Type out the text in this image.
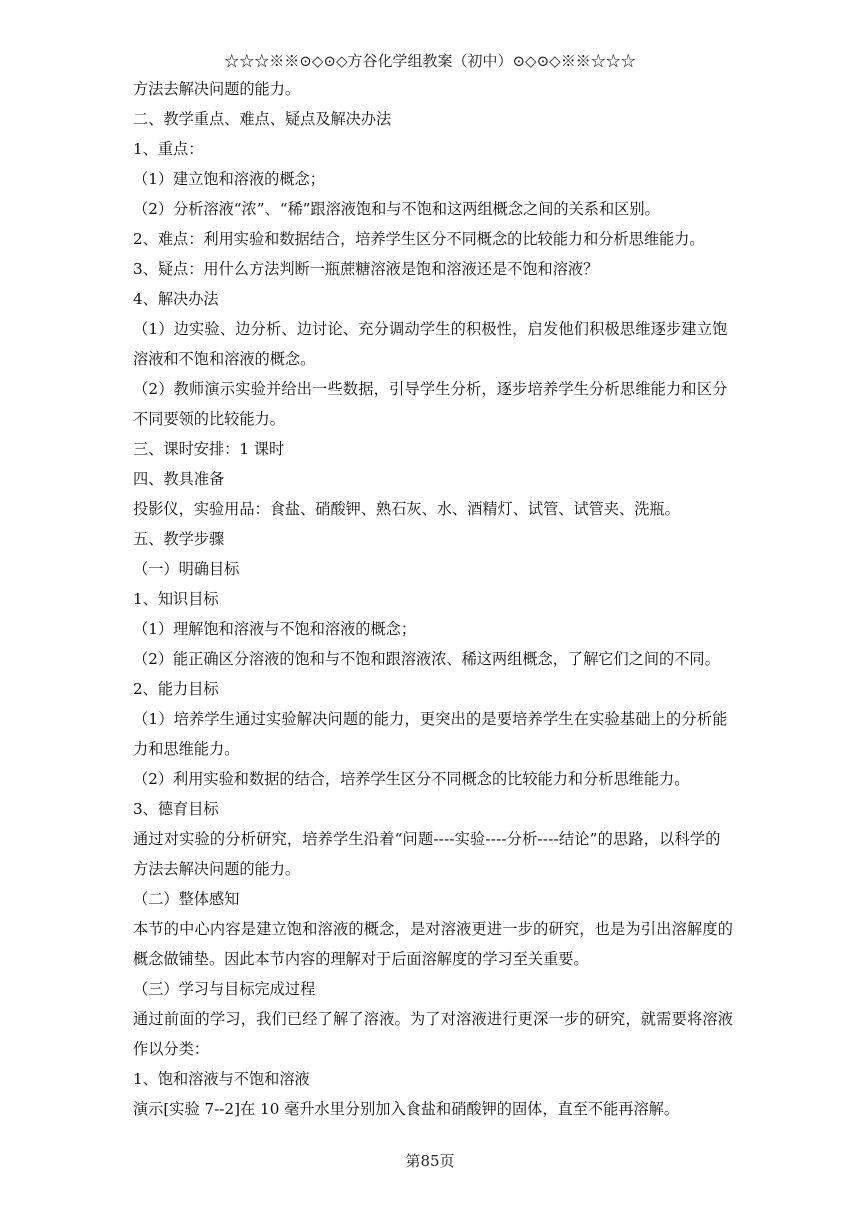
☆☆☆※※⊙◇⊙◇方谷化学组教案（初中）⊙◇⊙◇※※☆☆☆
方法去解决问题的能力。
二、教学重点、难点、疑点及解决办法
1、重点：
（1）建立饱和溶液的概念；
（2）分析溶液“浓”、“稀”跟溶液饱和与不饱和这两组概念之间的关系和区别。
2、难点：利用实验和数据结合，培养学生区分不同概念的比较能力和分析思维能力。
3、疑点：用什么方法判断一瓶蔗糖溶液是饱和溶液还是不饱和溶液？
4、解决办法
（1）边实验、边分析、边讨论、充分调动学生的积极性，启发他们积极思维逐步建立饱
溶液和不饱和溶液的概念。
（2）教师演示实验并给出一些数据，引导学生分析，逐步培养学生分析思维能力和区分
不同要领的比较能力。
三、课时安排：1 课时
四、教具准备
投影仪，实验用品：食盐、硝酸钾、熟石灰、水、酒精灯、试管、试管夹、洗瓶。
五、教学步骤
（一）明确目标
1、知识目标
（1）理解饱和溶液与不饱和溶液的概念；
（2）能正确区分溶液的饱和与不饱和跟溶液浓、稀这两组概念，了解它们之间的不同。
2、能力目标
（1）培养学生通过实验解决问题的能力，更突出的是要培养学生在实验基础上的分析能
力和思维能力。
（2）利用实验和数据的结合，培养学生区分不同概念的比较能力和分析思维能力。
3、德育目标
通过对实验的分析研究，培养学生沿着“问题----实验----分析----结论”的思路，以科学的
方法去解决问题的能力。
（二）整体感知
本节的中心内容是建立饱和溶液的概念，是对溶液更进一步的研究，也是为引出溶解度的
概念做铺垫。因此本节内容的理解对于后面溶解度的学习至关重要。
（三）学习与目标完成过程
通过前面的学习，我们已经了解了溶液。为了对溶液进行更深一步的研究，就需要将溶液
作以分类：
1、饱和溶液与不饱和溶液
演示[实验 7--2]在 10 毫升水里分别加入食盐和硝酸钾的固体，直至不能再溶解。
第85页
